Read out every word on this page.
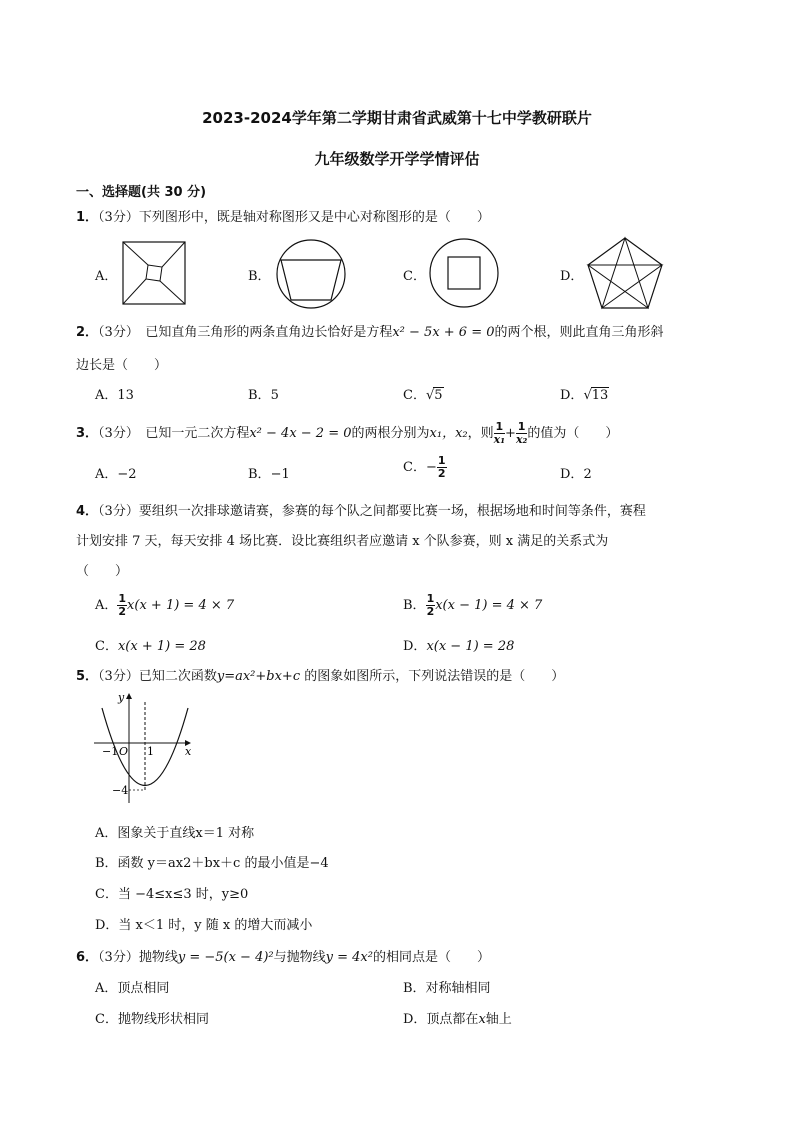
2023-2024学年第二学期甘肃省武威第十七中学教研联片
九年级数学开学学情评估
一、选择题(共 30 分)
1．（3分）下列图形中，既是轴对称图形又是中心对称图形的是（　　）
A．	B．	C．	D．
2．（3分）　已知直角三角形的两条直角边长恰好是方程x² − 5x + 6 = 0的两个根，则此直角三角形斜
边长是（　　）
A．13	B．5	C．√5	D．√13
3．（3分）　已知一元二次方程x² − 4x − 2 = 0的两根分别为x₁，x₂，则 $\frac{1}{\text{x₁}} + \frac{1}{\text{x₂}}$ 的值为（　　）
A．−2	B．−1	C．− $\frac{1}{2}$	D．2
4．（3分）要组织一次排球邀请赛，参赛的每个队之间都要比赛一场，根据场地和时间等条件，赛程
计划安排 7 天，每天安排 4 场比赛．设比赛组织者应邀请 x 个队参赛，则 x 满足的关系式为
（　　）
A． $\frac{1}{2} x(x + 1) = 4 \times 7$	B． $\frac{1}{2} x(x - 1) = 4 \times 7$
C．x(x + 1) = 28	D．x(x − 1) = 28
5．（3分）已知二次函数y=ax²+bx+c 的图象如图所示，下列说法错误的是（　　）
y
x
O
−1	1
−4
A．图象关于直线x＝1 对称
B．函数 y＝ax2＋bx＋c 的最小值是−4
C．当 −4≤x≤3 时，y≥0
D．当 x＜1 时，y 随 x 的增大而减小
6．（3分）抛物线y = −5(x − 4)²与抛物线y = 4x²的相同点是（　　）
A．顶点相同	B．对称轴相同
C．抛物线形状相同	D．顶点都在x轴上
